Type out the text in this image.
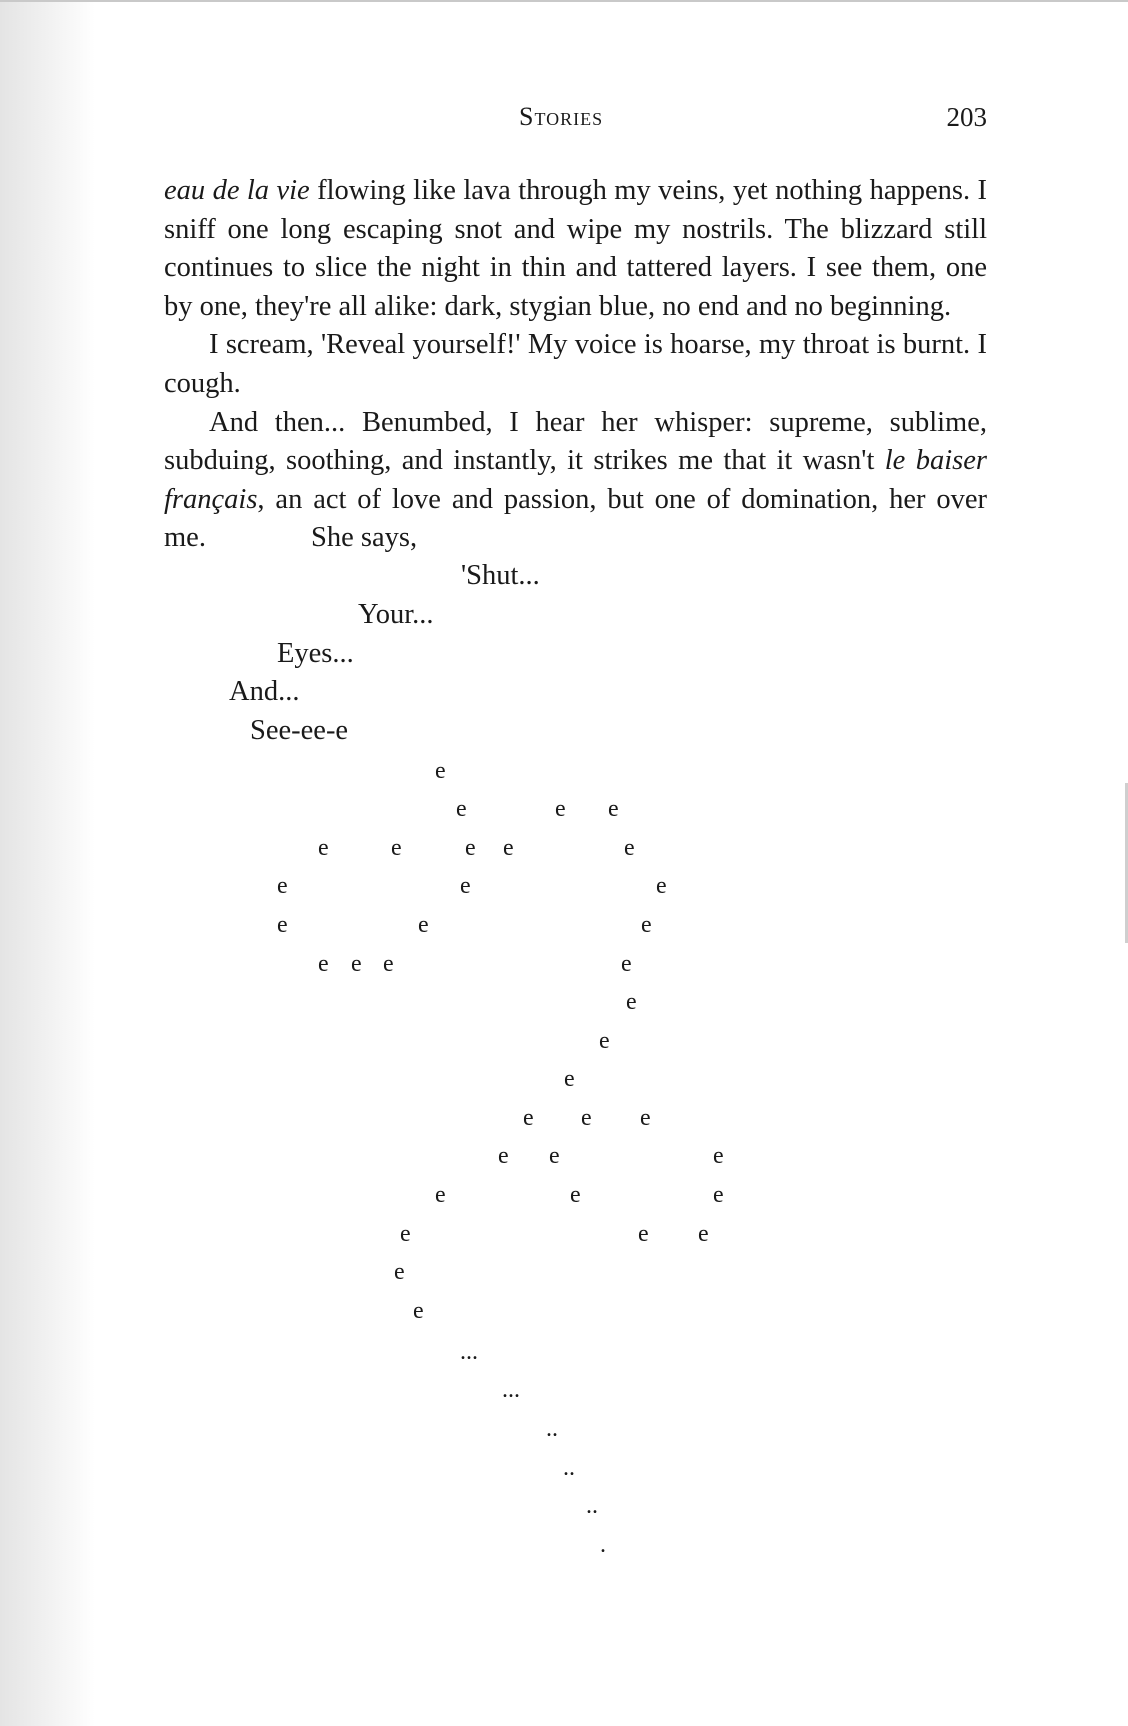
Stories	203

eau de la vie flowing like lava through my veins, yet nothing happens. I sniff one long escaping snot and wipe my nostrils. The blizzard still continues to slice the night in thin and tattered layers. I see them, one by one, they're all alike: dark, stygian blue, no end and no beginning.

I scream, 'Reveal yourself!' My voice is hoarse, my throat is burnt. I cough.

And then... Benumbed, I hear her whisper: supreme, sublime, subduing, soothing, and instantly, it strikes me that it wasn't le baiser français, an act of love and passion, but one of domination, her over me.	She says,
'Shut...
Your...
Eyes...
And...
See-ee-e
e
e	e e
e	e	e e	e
e	e	e
e	e	e
e e e	e
e
e
e
e e e
e e	e
e	e	e
e	e e
e
e
...
...
..
..
..
.
